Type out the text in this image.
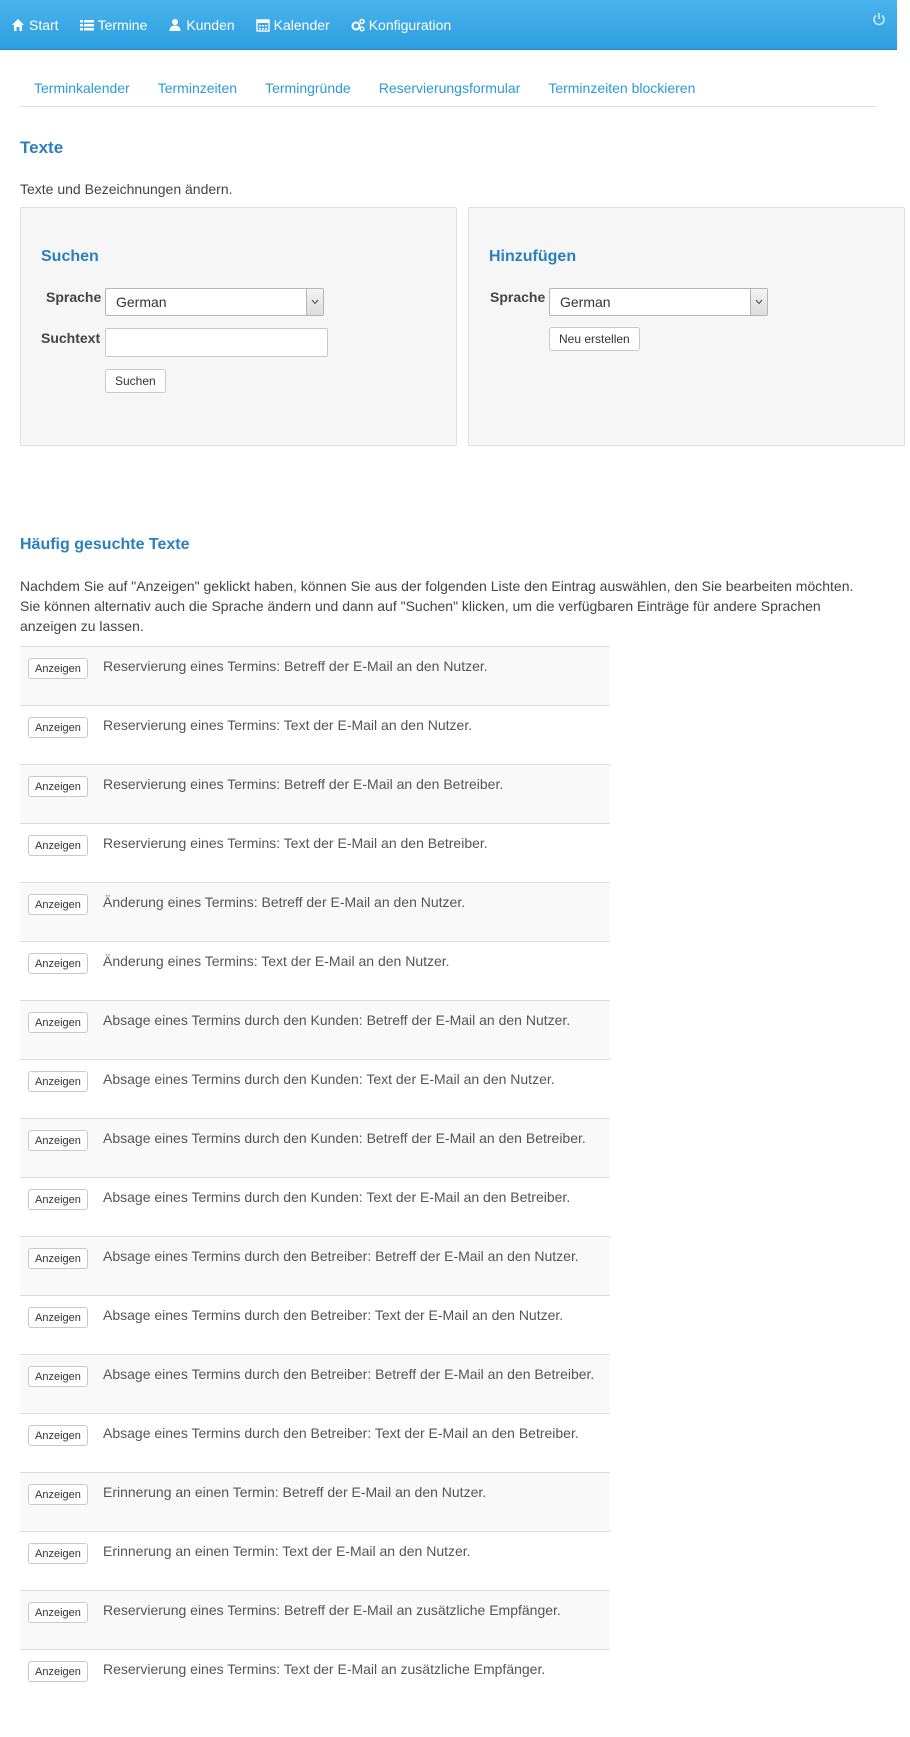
Start	Termine	Kunden	Kalender	Konfiguration
Terminkalender	Terminzeiten	Termingründe	Reservierungsformular	Terminzeiten blockieren
Texte
Texte und Bezeichnungen ändern.
Suchen
Sprache German
Suchtext
Suchen
Hinzufügen
Sprache German
Neu erstellen
Häufig gesuchte Texte
Nachdem Sie auf "Anzeigen" geklickt haben, können Sie aus der folgenden Liste den Eintrag auswählen, den Sie bearbeiten möchten.
Sie können alternativ auch die Sprache ändern und dann auf "Suchen" klicken, um die verfügbaren Einträge für andere Sprachen
anzeigen zu lassen.
Anzeigen	Reservierung eines Termins: Betreff der E-Mail an den Nutzer.
Anzeigen	Reservierung eines Termins: Text der E-Mail an den Nutzer.
Anzeigen	Reservierung eines Termins: Betreff der E-Mail an den Betreiber.
Anzeigen	Reservierung eines Termins: Text der E-Mail an den Betreiber.
Anzeigen	Änderung eines Termins: Betreff der E-Mail an den Nutzer.
Anzeigen	Änderung eines Termins: Text der E-Mail an den Nutzer.
Anzeigen	Absage eines Termins durch den Kunden: Betreff der E-Mail an den Nutzer.
Anzeigen	Absage eines Termins durch den Kunden: Text der E-Mail an den Nutzer.
Anzeigen	Absage eines Termins durch den Kunden: Betreff der E-Mail an den Betreiber.
Anzeigen	Absage eines Termins durch den Kunden: Text der E-Mail an den Betreiber.
Anzeigen	Absage eines Termins durch den Betreiber: Betreff der E-Mail an den Nutzer.
Anzeigen	Absage eines Termins durch den Betreiber: Text der E-Mail an den Nutzer.
Anzeigen	Absage eines Termins durch den Betreiber: Betreff der E-Mail an den Betreiber.
Anzeigen	Absage eines Termins durch den Betreiber: Text der E-Mail an den Betreiber.
Anzeigen	Erinnerung an einen Termin: Betreff der E-Mail an den Nutzer.
Anzeigen	Erinnerung an einen Termin: Text der E-Mail an den Nutzer.
Anzeigen	Reservierung eines Termins: Betreff der E-Mail an zusätzliche Empfänger.
Anzeigen	Reservierung eines Termins: Text der E-Mail an zusätzliche Empfänger.
